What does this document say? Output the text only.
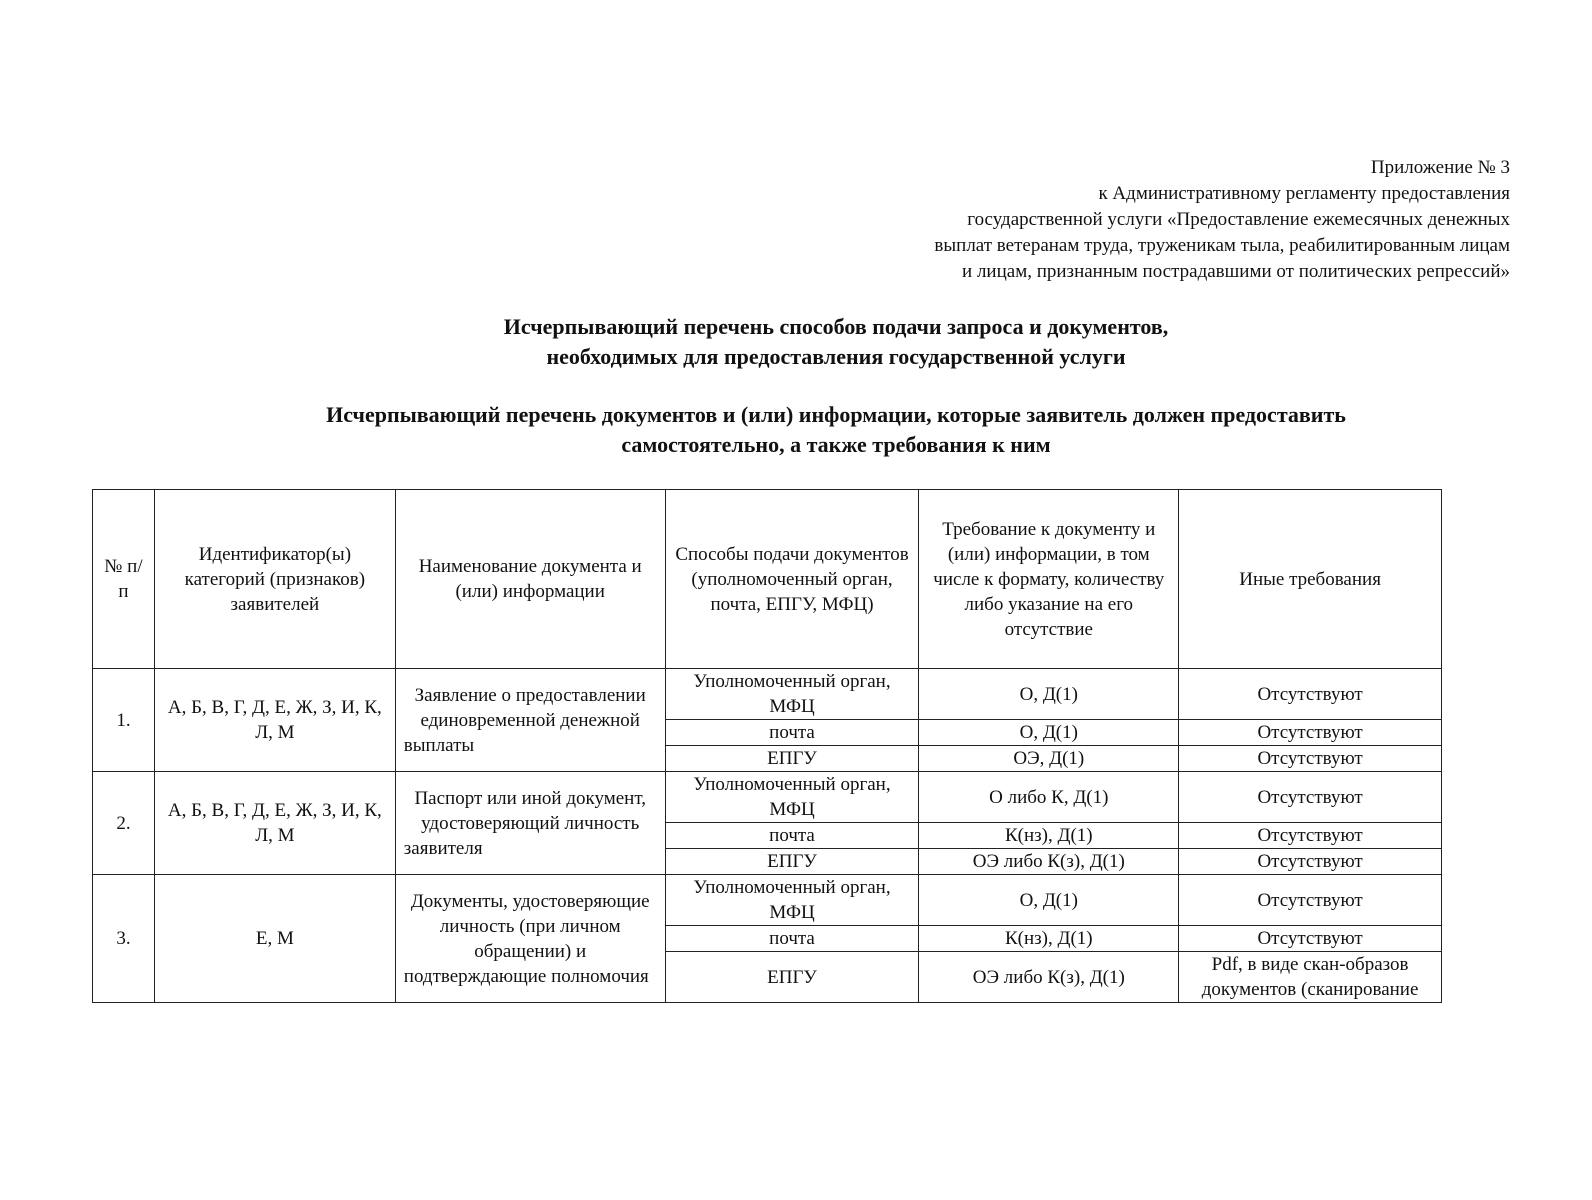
Приложение № 3
к Административному регламенту предоставления
государственной услуги «Предоставление ежемесячных денежных
выплат ветеранам труда, труженикам тыла, реабилитированным лицам
и лицам, признанным пострадавшими от политических репрессий»
Исчерпывающий перечень способов подачи запроса и документов,
необходимых для предоставления государственной услуги
Исчерпывающий перечень документов и (или) информации, которые заявитель должен предоставить
самостоятельно, а также требования к ним
№ п/п	Идентификатор(ы) категорий (признаков) заявителей	Наименование документа и (или) информации	Способы подачи документов (уполномоченный орган, почта, ЕПГУ, МФЦ)	Требование к документу и (или) информации, в том числе к формату, количеству либо указание на его отсутствие	Иные требования
1.	А, Б, В, Г, Д, Е, Ж, З, И, К, Л, М	Заявление о предоставлении единовременной денежной выплаты	Уполномоченный орган, МФЦ	О, Д(1)	Отсутствуют
			почта	О, Д(1)	Отсутствуют
			ЕПГУ	ОЭ, Д(1)	Отсутствуют
2.	А, Б, В, Г, Д, Е, Ж, З, И, К, Л, М	Паспорт или иной документ, удостоверяющий личность заявителя	Уполномоченный орган, МФЦ	О либо К, Д(1)	Отсутствуют
			почта	К(нз), Д(1)	Отсутствуют
			ЕПГУ	ОЭ либо К(з), Д(1)	Отсутствуют
3.	Е, М	Документы, удостоверяющие личность (при личном обращении) и подтверждающие полномочия	Уполномоченный орган, МФЦ	О, Д(1)	Отсутствуют
			почта	К(нз), Д(1)	Отсутствуют
			ЕПГУ	ОЭ либо К(з), Д(1)	Pdf, в виде скан-образов документов (сканирование
